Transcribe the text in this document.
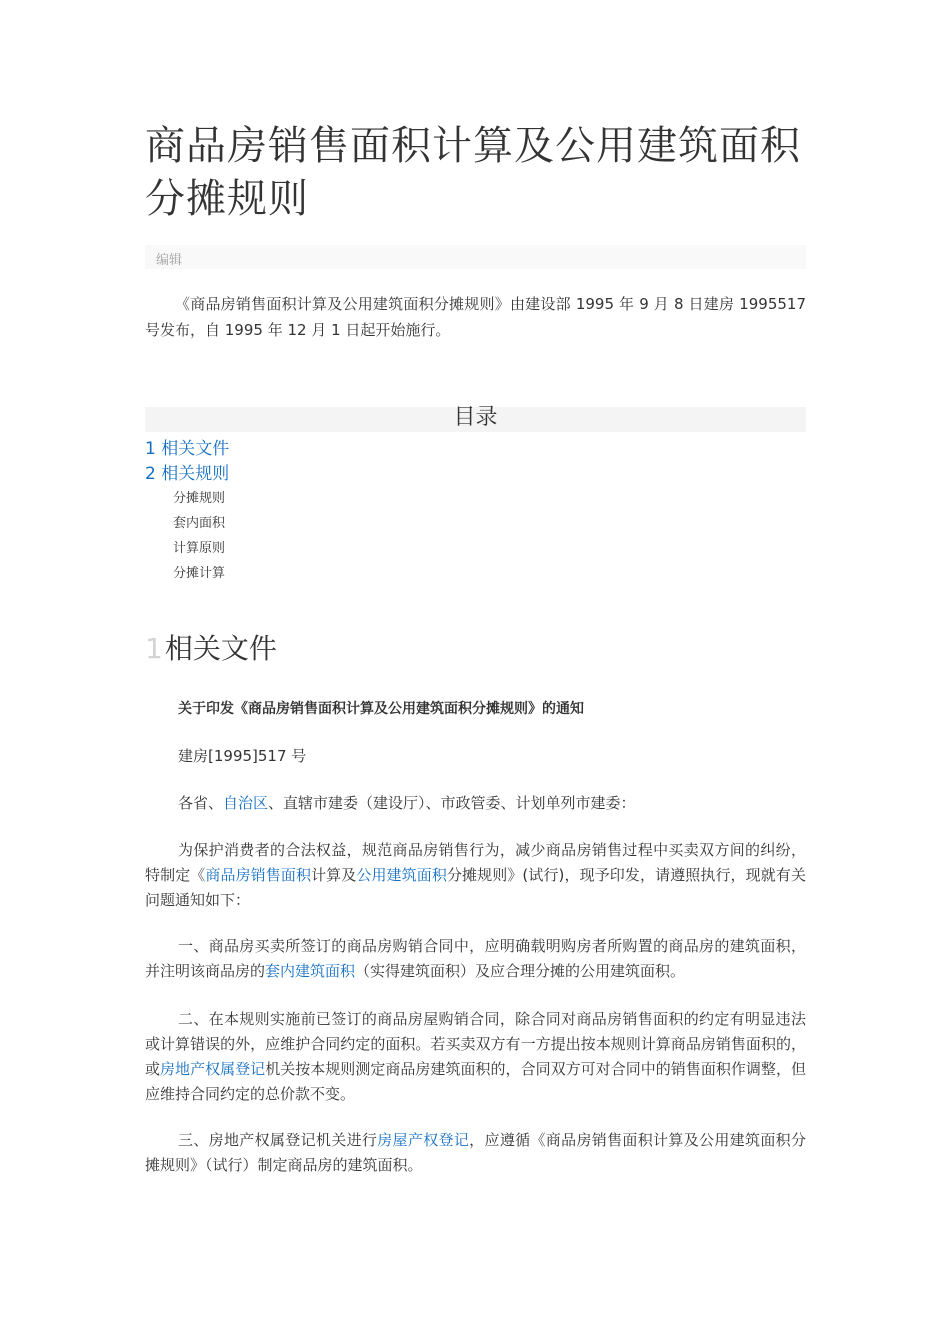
商品房销售面积计算及公用建筑面积分摊规则
编辑

《商品房销售面积计算及公用建筑面积分摊规则》由建设部 1995 年 9 月 8 日建房 1995517 号发布，自 1995 年 12 月 1 日起开始施行。

目录
1 相关文件
2 相关规则
分摊规则
套内面积
计算原则
分摊计算
1相关文件

关于印发《商品房销售面积计算及公用建筑面积分摊规则》的通知

建房[1995]517 号

各省、自治区、直辖市建委（建设厅）、市政管委、计划单列市建委：

为保护消费者的合法权益，规范商品房销售行为，减少商品房销售过程中买卖双方间的纠纷，特制定《商品房销售面积计算及公用建筑面积分摊规则》(试行)，现予印发，请遵照执行，现就有关问题通知如下：

一、商品房买卖所签订的商品房购销合同中，应明确载明购房者所购置的商品房的建筑面积，并注明该商品房的套内建筑面积（实得建筑面积）及应合理分摊的公用建筑面积。

二、在本规则实施前已签订的商品房屋购销合同，除合同对商品房销售面积的约定有明显违法或计算错误的外，应维护合同约定的面积。若买卖双方有一方提出按本规则计算商品房销售面积的，或房地产权属登记机关按本规则测定商品房建筑面积的，合同双方可对合同中的销售面积作调整，但应维持合同约定的总价款不变。

三、房地产权属登记机关进行房屋产权登记，应遵循《商品房销售面积计算及公用建筑面积分摊规则》（试行）制定商品房的建筑面积。
